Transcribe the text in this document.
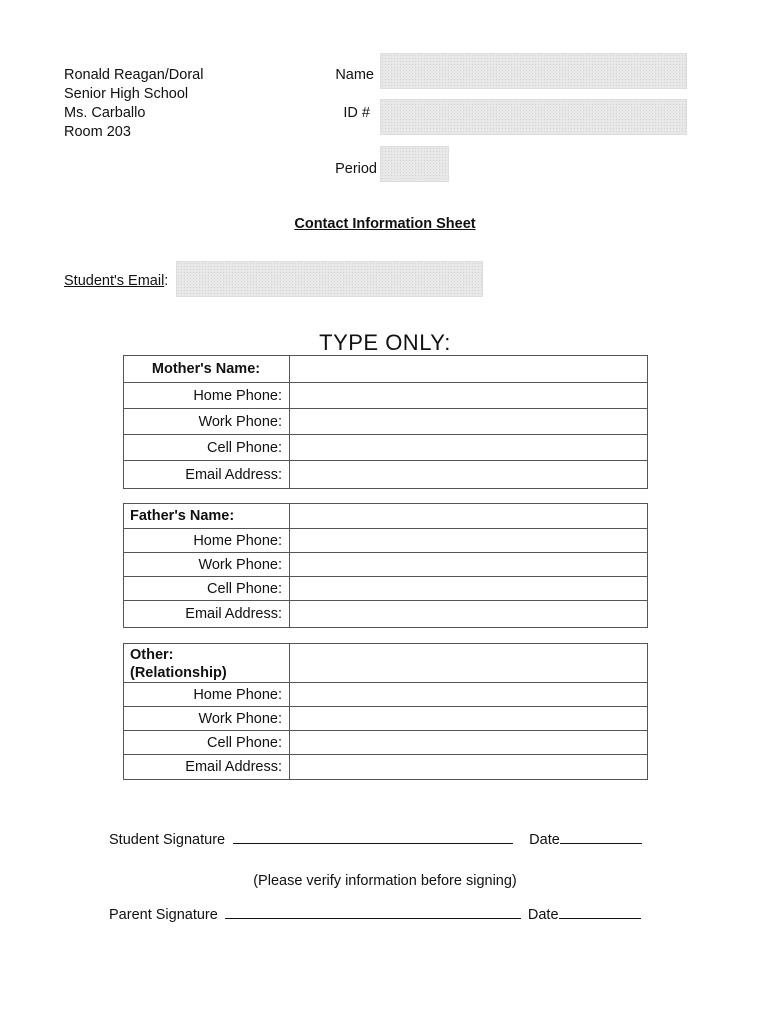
Ronald Reagan/Doral
Senior High School
Ms. Carballo
Room 203
Name
ID #
Period
Contact Information Sheet
Student's Email:
TYPE ONLY:
Mother's Name:	
Home Phone:	
Work Phone:	
Cell Phone:	
Email Address:	
Father's Name:	
Home Phone:	
Work Phone:	
Cell Phone:	
Email Address:	
Other:
(Relationship)	

Home Phone:	
Work Phone:	
Cell Phone:	
Email Address:	
Student Signature	Date
(Please verify information before signing)
Parent Signature	Date
